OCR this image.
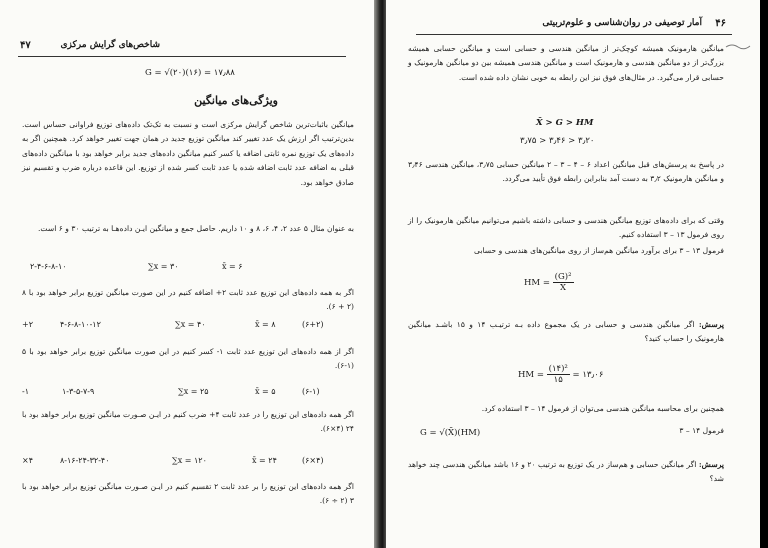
۴۷	شاخص‌های گرایش مرکزی
G = √(۲۰)(۱۶) = ۱۷٫۸۸
ویژگی‌های میانگین

میانگین باثبات‌ترین شاخص گرایش مرکزی است و نسبت به تک‌تک داده‌های توزیع فراوانی حساس است. بدین‌ترتیب اگر ارزش یک عدد تغییر کند میانگین توزیع جدید در همان جهت تغییر خواهد کرد. همچنین اگر به داده‌های یک توزیع نمره ثابتی اضافه یا کسر کنیم میانگین داده‌های جدید برابر خواهد بود با میانگین داده‌های قبلی به اضافه عدد ثابت اضافه شده یا عدد ثابت کسر شده از توزیع. این قاعده درباره ضرب و تقسیم نیز صادق خواهد بود.

به عنوان مثال ۵ عدد ۲، ۴، ۶، ۸ و ۱۰ داریم. حاصل جمع و میانگین ایـن داده‌هـا به ترتیب ۳۰ و ۶ است.

۲-۴-۶-۸-۱۰	∑x = ۳۰	x̄ = ۶

اگر به همه داده‌های این توزیع عدد ثابت ۲+ اضافه کنیم در این صورت میانگین توزیع برابر خواهد بود با ۸ (۲ + ۶).

+۲	۴-۶-۸-۱۰-۱۲	∑x = ۴۰	x̄ = ۸	(۶+۲)

اگر از همه داده‌های این توزیع عدد ثابت ۱- کسر کنیم در این صورت میانگین توزیع برابر خواهد بود با ۵ (۱-۶).

-۱	۱-۳-۵-۷-۹	∑x = ۲۵	x̄ = ۵	(۶-۱)

اگر همه داده‌های این توزیع را در عدد ثابت ۴+ ضرب کنیم در ایـن صـورت میانگین توزیع برابر خواهد بود با ۲۴ (۴×۶).

×۴	۸-۱۶-۲۴-۳۲-۴۰	∑x = ۱۲۰	x̄ = ۲۴	(۶×۴)

اگر همه داده‌های این توزیع را بر عدد ثابت ۲ تقسیم کنیم در ایـن صـورت میانگین توزیع برابر خواهد بود با ۳ (۲ ÷ ۶).

۴۶
آمار توصیفی در روان‌شناسی و علوم‌تربیتی

میانگین هارمونیک همیشه کوچک‌تر از میانگین هندسی و حسابی است و میانگین حسابی همیشه بزرگ‌تر از دو میانگین هندسی و هارمونیک است و میانگین هندسی همیشه بین دو میانگین هارمونیک و حسابی قرار می‌گیرد. در مثال‌های فوق نیز این رابطه به خوبی نشان داده شده است.

X̄ > G > HM
۳٫۷۵ > ۳٫۴۶ > ۳٫۲۰

در پاسخ به پرسش‌های قبل میانگین اعداد ۶ – ۴ – ۳ – ۲ میانگین حسابی ۳٫۷۵، میانگین هندسی ۳٫۴۶ و میانگین هارمونیک ۳٫۲ به دست آمد بنابراین رابطه فوق تأیید می‌گردد.

وقتی که برای داده‌های توزیع میانگین هندسی و حسابی داشته باشیم می‌توانیم میانگین هارمونیک را از روی فرمول ۱۳ – ۳ استفاده کنیم.

فرمول ۱۳ – ۳ برای برآورد میانگین هم‌ساز از روی میانگین‌های هندسی و حسابی

HM = $\frac{\text{(G)²}}{X̄}$

پرسش: اگر میانگین هندسی و حسابی در یک مجموع داده بـه ترتیـب ۱۴ و ۱۵ باشـد میانگین هارمونیک را حساب کنید؟

HM = $\frac{\text{(۱۴)²}}{۱۵}$ = ۱۳٫۰۶

همچنین برای محاسبه میانگین هندسی می‌توان از فرمول ۱۴ – ۳ استفاده کرد.

فرمول ۱۴ – ۳
G = √(X̄)(HM)

پرسش: اگر میانگین حسابی و هم‌ساز در یک توزیع به ترتیب ۲۰ و ۱۶ باشد میانگین هندسی چند خواهد شد؟
